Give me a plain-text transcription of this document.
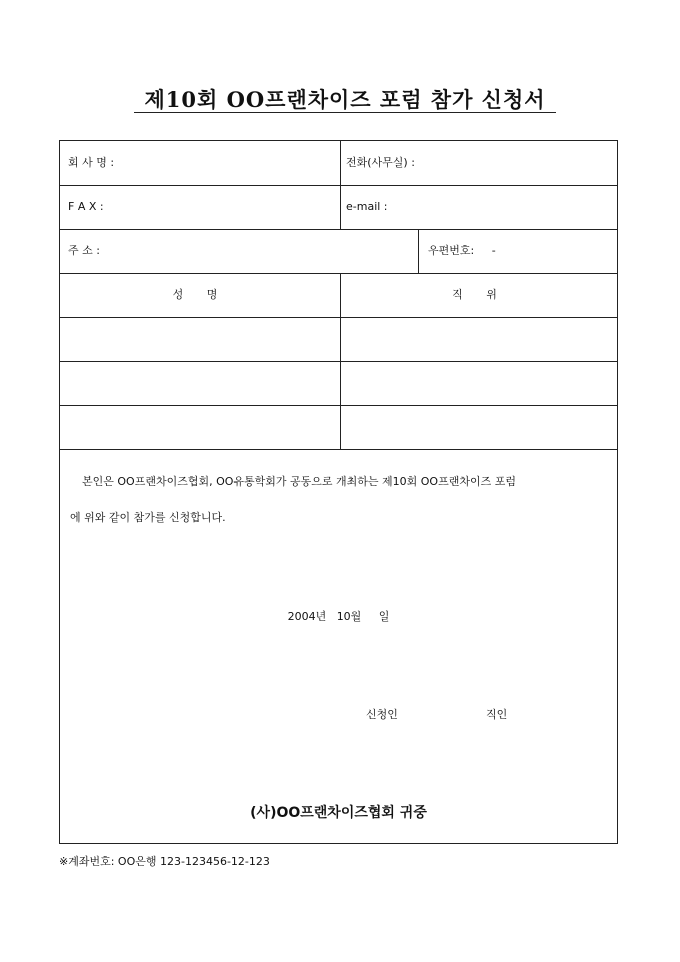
제10회 OO프랜차이즈 포럼 참가 신청서
회 사 명 :	전화(사무실) :
F A X :	e-mail :
주 소 :	우편번호:     -
성 명	직 위
본인은 OO프랜차이즈협회, OO유통학회가 공동으로 개최하는 제10회 OO프랜차이즈 포럼
에 위와 같이 참가를 신청합니다.
2004년   10월     일
신청인	직인
(사)OO프랜차이즈협회 귀중
※계좌번호: OO은행 123-123456-12-123
